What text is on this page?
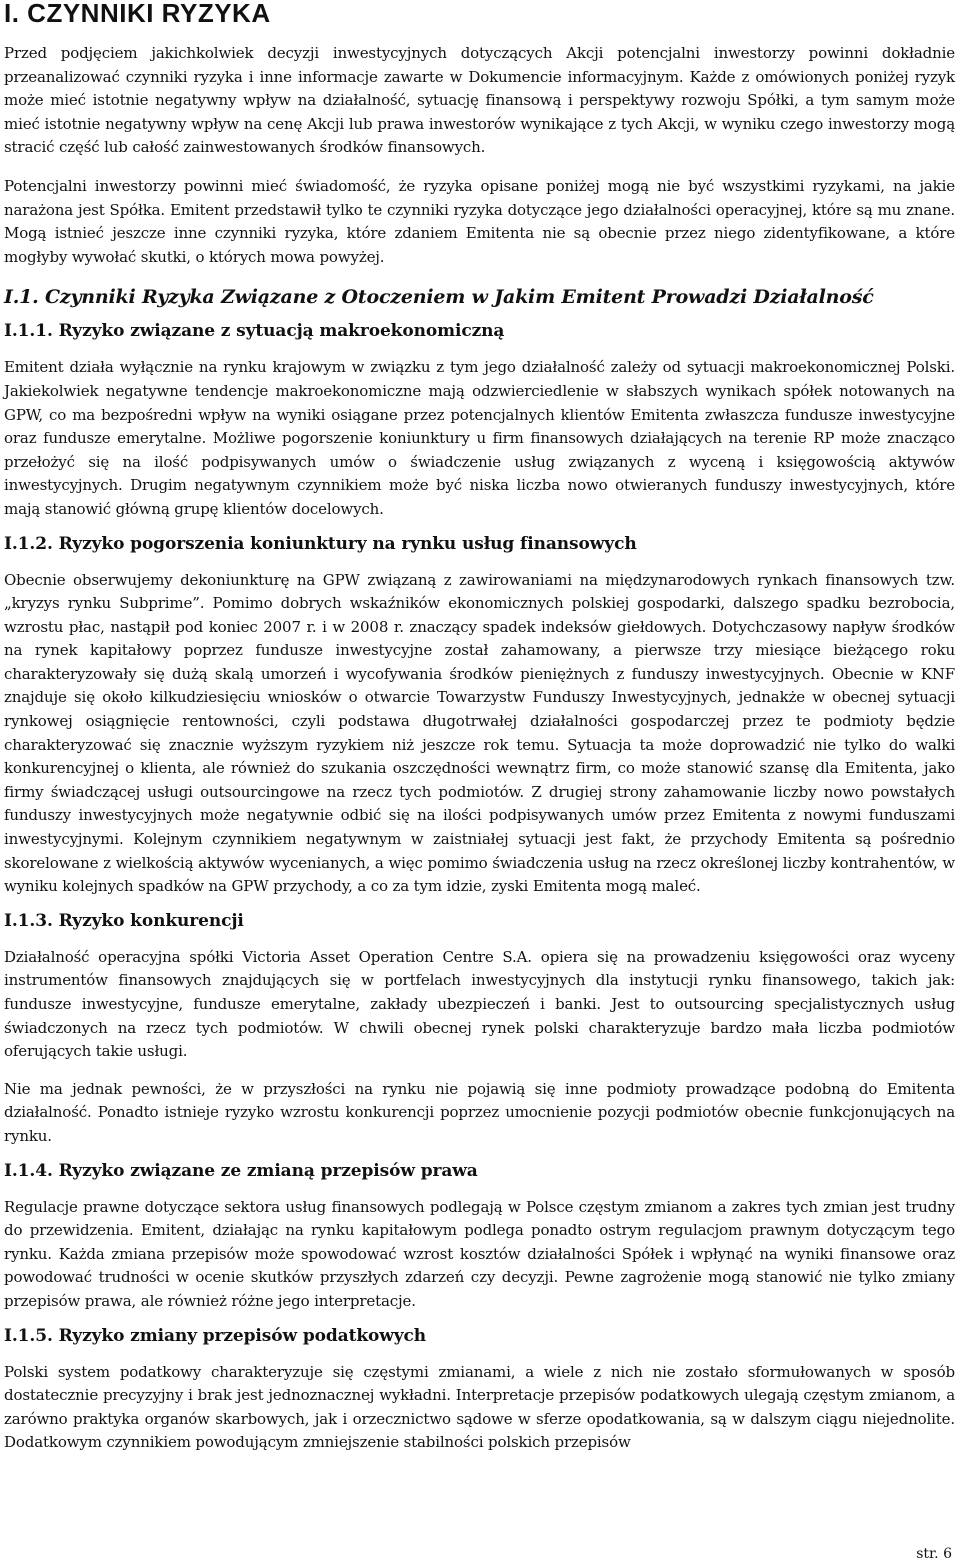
I. CZYNNIKI RYZYKA

Przed podjęciem jakichkolwiek decyzji inwestycyjnych dotyczących Akcji potencjalni inwestorzy powinni dokładnie przeanalizować czynniki ryzyka i inne informacje zawarte w Dokumencie informacyjnym. Każde z omówionych poniżej ryzyk może mieć istotnie negatywny wpływ na działalność, sytuację finansową i perspektywy rozwoju Spółki, a tym samym może mieć istotnie negatywny wpływ na cenę Akcji lub prawa inwestorów wynikające z tych Akcji, w wyniku czego inwestorzy mogą stracić część lub całość zainwestowanych środków finansowych.

Potencjalni inwestorzy powinni mieć świadomość, że ryzyka opisane poniżej mogą nie być wszystkimi ryzykami, na jakie narażona jest Spółka. Emitent przedstawił tylko te czynniki ryzyka dotyczące jego działalności operacyjnej, które są mu znane. Mogą istnieć jeszcze inne czynniki ryzyka, które zdaniem Emitenta nie są obecnie przez niego zidentyfikowane, a które mogłyby wywołać skutki, o których mowa powyżej.

I.1. Czynniki Ryzyka Związane z Otoczeniem w Jakim Emitent Prowadzi Działalność
I.1.1. Ryzyko związane z sytuacją makroekonomiczną

Emitent działa wyłącznie na rynku krajowym w związku z tym jego działalność zależy od sytuacji makroekonomicznej Polski. Jakiekolwiek negatywne tendencje makroekonomiczne mają odzwierciedlenie w słabszych wynikach spółek notowanych na GPW, co ma bezpośredni wpływ na wyniki osiągane przez potencjalnych klientów Emitenta zwłaszcza fundusze inwestycyjne oraz fundusze emerytalne. Możliwe pogorszenie koniunktury u firm finansowych działających na terenie RP może znacząco przełożyć się na ilość podpisywanych umów o świadczenie usług związanych z wyceną i księgowością aktywów inwestycyjnych. Drugim negatywnym czynnikiem może być niska liczba nowo otwieranych funduszy inwestycyjnych, które mają stanowić główną grupę klientów docelowych.

I.1.2. Ryzyko pogorszenia koniunktury na rynku usług finansowych

Obecnie obserwujemy dekoniunkturę na GPW związaną z zawirowaniami na międzynarodowych rynkach finansowych tzw. „kryzys rynku Subprime”. Pomimo dobrych wskaźników ekonomicznych polskiej gospodarki, dalszego spadku bezrobocia, wzrostu płac, nastąpił pod koniec 2007 r. i w 2008 r. znaczący spadek indeksów giełdowych. Dotychczasowy napływ środków na rynek kapitałowy poprzez fundusze inwestycyjne został zahamowany, a pierwsze trzy miesiące bieżącego roku charakteryzowały się dużą skalą umorzeń i wycofywania środków pieniężnych z funduszy inwestycyjnych. Obecnie w KNF znajduje się około kilkudziesięciu wniosków o otwarcie Towarzystw Funduszy Inwestycyjnych, jednakże w obecnej sytuacji rynkowej osiągnięcie rentowności, czyli podstawa długotrwałej działalności gospodarczej przez te podmioty będzie charakteryzować się znacznie wyższym ryzykiem niż jeszcze rok temu. Sytuacja ta może doprowadzić nie tylko do walki konkurencyjnej o klienta, ale również do szukania oszczędności wewnątrz firm, co może stanowić szansę dla Emitenta, jako firmy świadczącej usługi outsourcingowe na rzecz tych podmiotów. Z drugiej strony zahamowanie liczby nowo powstałych funduszy inwestycyjnych może negatywnie odbić się na ilości podpisywanych umów przez Emitenta z nowymi funduszami inwestycyjnymi. Kolejnym czynnikiem negatywnym w zaistniałej sytuacji jest fakt, że przychody Emitenta są pośrednio skorelowane z wielkością aktywów wycenianych, a więc pomimo świadczenia usług na rzecz określonej liczby kontrahentów, w wyniku kolejnych spadków na GPW przychody, a co za tym idzie, zyski Emitenta mogą maleć.

I.1.3. Ryzyko konkurencji

Działalność operacyjna spółki Victoria Asset Operation Centre S.A. opiera się na prowadzeniu księgowości oraz wyceny instrumentów finansowych znajdujących się w portfelach inwestycyjnych dla instytucji rynku finansowego, takich jak: fundusze inwestycyjne, fundusze emerytalne, zakłady ubezpieczeń i banki. Jest to outsourcing specjalistycznych usług świadczonych na rzecz tych podmiotów. W chwili obecnej rynek polski charakteryzuje bardzo mała liczba podmiotów oferujących takie usługi.

Nie ma jednak pewności, że w przyszłości na rynku nie pojawią się inne podmioty prowadzące podobną do Emitenta działalność. Ponadto istnieje ryzyko wzrostu konkurencji poprzez umocnienie pozycji podmiotów obecnie funkcjonujących na rynku.

I.1.4. Ryzyko związane ze zmianą przepisów prawa

Regulacje prawne dotyczące sektora usług finansowych podlegają w Polsce częstym zmianom a zakres tych zmian jest trudny do przewidzenia. Emitent, działając na rynku kapitałowym podlega ponadto ostrym regulacjom prawnym dotyczącym tego rynku. Każda zmiana przepisów może spowodować wzrost kosztów działalności Spółek i wpłynąć na wyniki finansowe oraz powodować trudności w ocenie skutków przyszłych zdarzeń czy decyzji. Pewne zagrożenie mogą stanowić nie tylko zmiany przepisów prawa, ale również różne jego interpretacje.

I.1.5. Ryzyko zmiany przepisów podatkowych

Polski system podatkowy charakteryzuje się częstymi zmianami, a wiele z nich nie zostało sformułowanych w sposób dostatecznie precyzyjny i brak jest jednoznacznej wykładni. Interpretacje przepisów podatkowych ulegają częstym zmianom, a zarówno praktyka organów skarbowych, jak i orzecznictwo sądowe w sferze opodatkowania, są w dalszym ciągu niejednolite. Dodatkowym czynnikiem powodującym zmniejszenie stabilności polskich przepisów

str. 6
